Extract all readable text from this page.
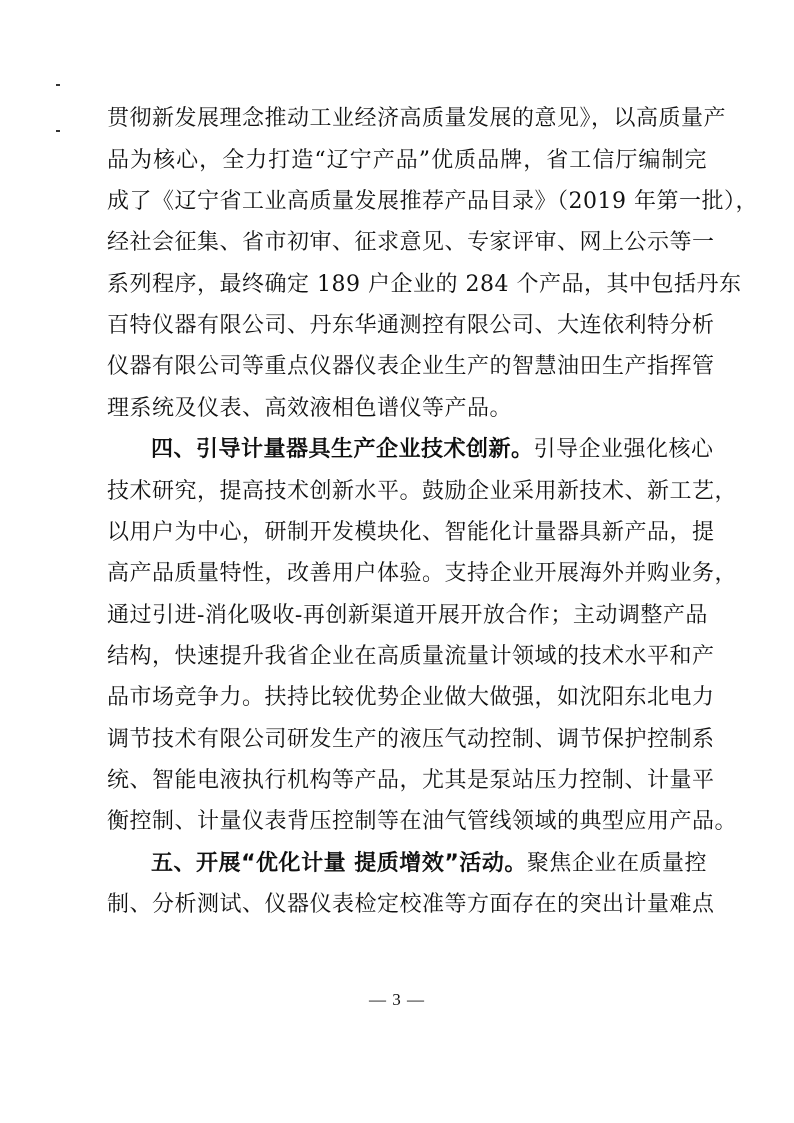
贯彻新发展理念推动工业经济高质量发展的意见》，以高质量产
品为核心，全力打造“辽宁产品”优质品牌，省工信厅编制完
成了《辽宁省工业高质量发展推荐产品目录》（2019 年第一批），
经社会征集、省市初审、征求意见、专家评审、网上公示等一
系列程序，最终确定 189 户企业的 284 个产品，其中包括丹东
百特仪器有限公司、丹东华通测控有限公司、大连依利特分析
仪器有限公司等重点仪器仪表企业生产的智慧油田生产指挥管
理系统及仪表、高效液相色谱仪等产品。
四、引导计量器具生产企业技术创新。引导企业强化核心
技术研究，提高技术创新水平。鼓励企业采用新技术、新工艺，
以用户为中心，研制开发模块化、智能化计量器具新产品，提
高产品质量特性，改善用户体验。支持企业开展海外并购业务，
通过引进-消化吸收-再创新渠道开展开放合作；主动调整产品
结构，快速提升我省企业在高质量流量计领域的技术水平和产
品市场竞争力。扶持比较优势企业做大做强，如沈阳东北电力
调节技术有限公司研发生产的液压气动控制、调节保护控制系
统、智能电液执行机构等产品，尤其是泵站压力控制、计量平
衡控制、计量仪表背压控制等在油气管线领域的典型应用产品。
五、开展“优化计量 提质增效”活动。聚焦企业在质量控
制、分析测试、仪器仪表检定校准等方面存在的突出计量难点
— 3 —
